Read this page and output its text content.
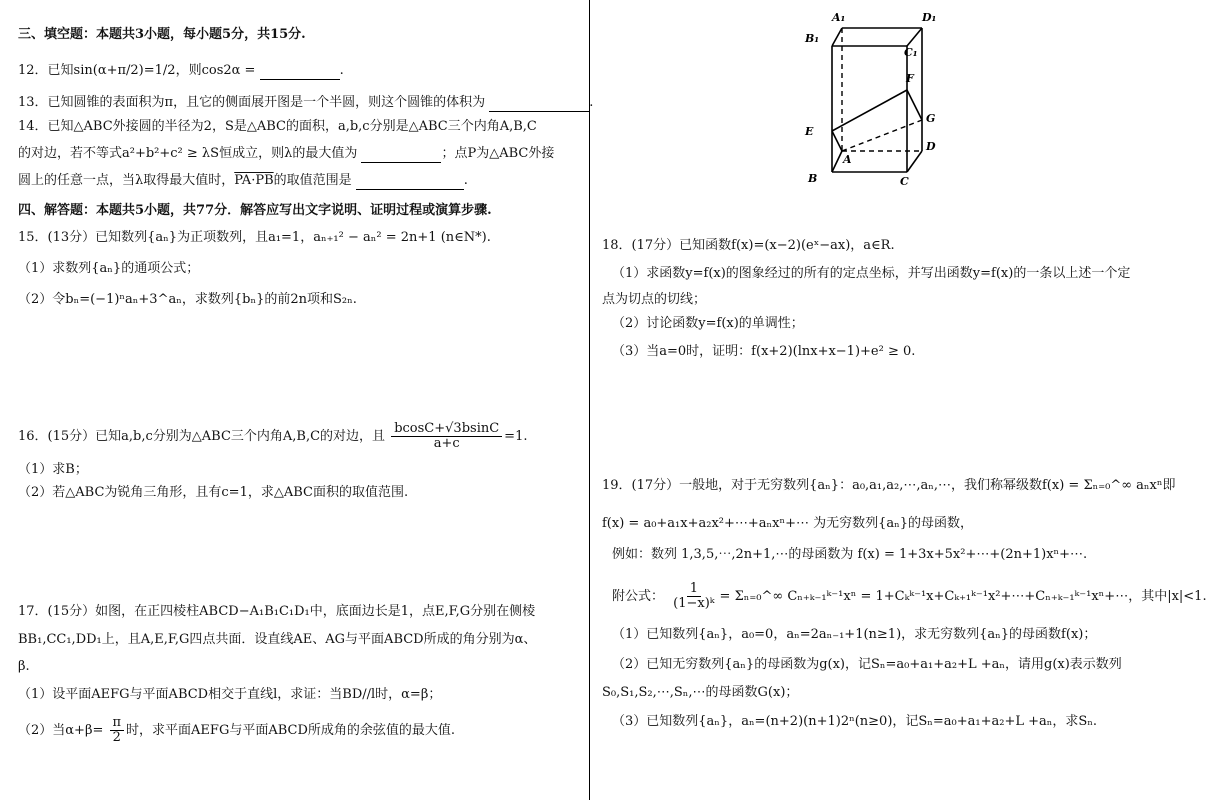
三、填空题：本题共3小题，每小题5分，共15分.
12．已知sin(α+π/2)=1/2，则cos2α =	.
13．已知圆锥的表面积为π，且它的侧面展开图是一个半圆，则这个圆锥的体积为	.
14．已知△ABC外接圆的半径为2，S是△ABC的面积，a,b,c分别是△ABC三个内角A,B,C
的对边，若不等式a²+b²+c² ≥ λS恒成立，则λ的最大值为	；点P为△ABC外接
圆上的任意一点，当λ取得最大值时，PA·PB的取值范围是	.
四、解答题：本题共5小题，共77分．解答应写出文字说明、证明过程或演算步骤.
15．(13分）已知数列{aₙ}为正项数列，且a₁=1，aₙ₊₁² − aₙ² = 2n+1 (n∈N*).
（1）求数列{aₙ}的通项公式；
（2）令bₙ=(−1)ⁿaₙ+3^aₙ，求数列{bₙ}的前2n项和S₂ₙ.
16．(15分）已知a,b,c分别为△ABC三个内角A,B,C的对边，且 $\frac{bcosC+√3bsinC}{a+c} =1$.
（1）求B；
（2）若△ABC为锐角三角形，且有c=1，求△ABC面积的取值范围.
17．(15分）如图，在正四棱柱ABCD−A₁B₁C₁D₁中，底面边长是1，点E,F,G分别在侧棱
BB₁,CC₁,DD₁上，且A,E,F,G四点共面．设直线AE、AG与平面ABCD所成的角分别为α、
β.
（1）设平面AEFG与平面ABCD相交于直线l，求证：当BD//l时，α=β；
（2）当$\alpha+\beta= \frac{\pi}{2}$ 时，求平面AEFG与平面ABCD所成角的余弦值的最大值.
A₁	D₁
B₁
C₁
F
G
E
A
D
B	C
18．(17分）已知函数f(x)=(x−2)(eˣ−ax)，a∈R.
（1）求函数y=f(x)的图象经过的所有的定点坐标，并写出函数y=f(x)的一条以上述一个定
点为切点的切线；
（2）讨论函数y=f(x)的单调性；
（3）当a=0时，证明：f(x+2)(lnx+x−1)+e² ≥ 0.
19．(17分）一般地，对于无穷数列{aₙ}：a₀,a₁,a₂,⋯,aₙ,⋯，我们称幂级数f(x) = Σₙ₌₀^∞ aₙxⁿ即
f(x) = a₀+a₁x+a₂x²+⋯+aₙxⁿ+⋯ 为无穷数列{aₙ}的母函数，
例如：数列 1,3,5,⋯,2n+1,⋯的母函数为 f(x) = 1+3x+5x²+⋯+(2n+1)xⁿ+⋯.
附公式： $\frac{1}{\text{(1−x)ᵏ}}$ = Σₙ₌₀^∞ Cₙ₊ₖ₋₁ᵏ⁻¹xⁿ = 1+Cₖᵏ⁻¹x+Cₖ₊₁ᵏ⁻¹x²+⋯+Cₙ₊ₖ₋₁ᵏ⁻¹xⁿ+⋯，其中|x|<1.
（1）已知数列{aₙ}，a₀=0，aₙ=2aₙ₋₁+1(n≥1)，求无穷数列{aₙ}的母函数f(x)；
（2）已知无穷数列{aₙ}的母函数为g(x)，记Sₙ=a₀+a₁+a₂+L +aₙ，请用g(x)表示数列
S₀,S₁,S₂,⋯,Sₙ,⋯的母函数G(x)；
（3）已知数列{aₙ}，aₙ=(n+2)(n+1)2ⁿ(n≥0)，记Sₙ=a₀+a₁+a₂+L +aₙ，求Sₙ.
